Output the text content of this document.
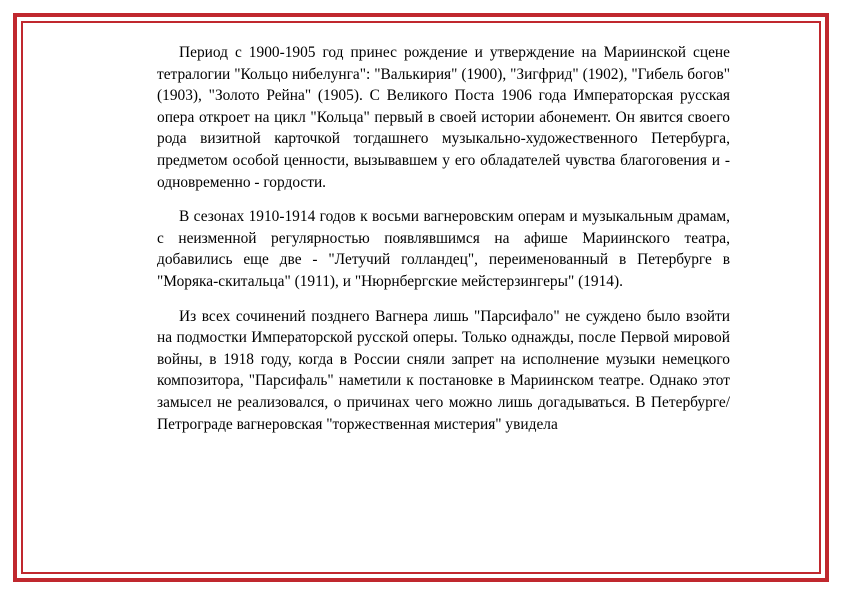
Период с 1900-1905 год принес рождение и утверждение на Мариинской сцене тетралогии "Кольцо нибелунга": "Валькирия" (1900), "Зигфрид" (1902), "Гибель богов" (1903), "Золото Рейна" (1905). С Великого Поста 1906 года Императорская русская опера откроет на цикл "Кольца" первый в своей истории абонемент. Он явится своего рода визитной карточкой тогдашнего музыкально-художественного Петербурга, предметом особой ценности, вызывавшем у его обладателей чувства благоговения и - одновременно - гордости.

В сезонах 1910-1914 годов к восьми вагнеровским операм и музыкальным драмам, с неизменной регулярностью появлявшимся на афише Мариинского театра, добавились еще две - "Летучий голландец", переименованный в Петербурге в "Моряка-скитальца" (1911), и "Нюрнбергские мейстерзингеры" (1914).

Из всех сочинений позднего Вагнера лишь "Парсифало" не суждено было взойти на подмостки Императорской русской оперы. Только однажды, после Первой мировой войны, в 1918 году, когда в России сняли запрет на исполнение музыки немецкого композитора, "Парсифаль" наметили к постановке в Мариинском театре. Однако этот замысел не реализовался, о причинах чего можно лишь догадываться. В Петербурге/Петрограде вагнеровская "торжественная мистерия" увидела
